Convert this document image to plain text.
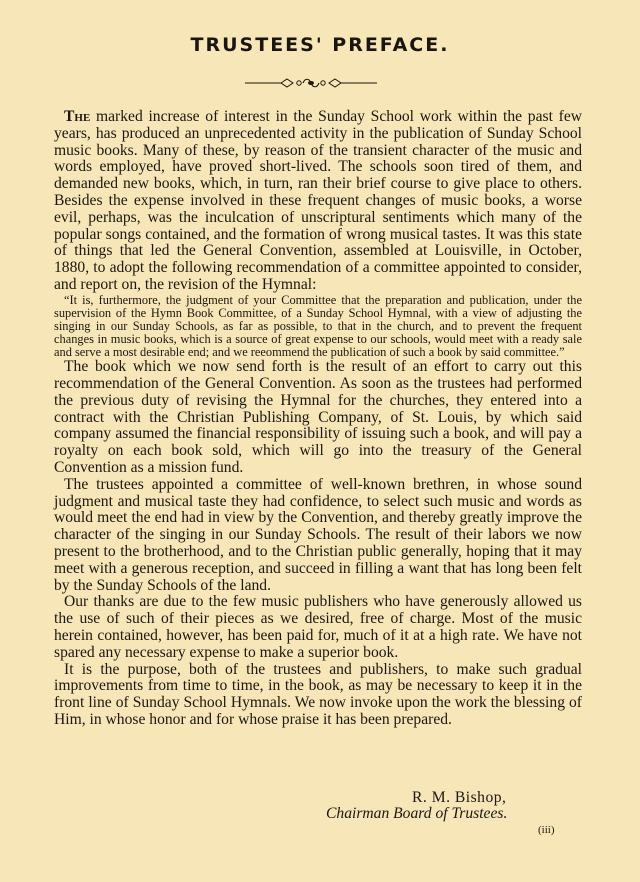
TRUSTEES' PREFACE.

The marked increase of interest in the Sunday School work within the past few years, has produced an unprecedented activity in the publication of Sunday School music books. Many of these, by reason of the transient character of the music and words employed, have proved short-lived. The schools soon tired of them, and demanded new books, which, in turn, ran their brief course to give place to others. Besides the expense involved in these frequent changes of music books, a worse evil, perhaps, was the inculcation of unscriptural sentiments which many of the popular songs contained, and the formation of wrong musical tastes. It was this state of things that led the General Convention, assembled at Louisville, in October, 1880, to adopt the following recommendation of a committee appointed to consider, and report on, the revision of the Hymnal:

“It is, furthermore, the judgment of your Committee that the preparation and publication, under the supervision of the Hymn Book Committee, of a Sunday School Hymnal, with a view of adjusting the singing in our Sunday Schools, as far as possible, to that in the church, and to prevent the frequent changes in music books, which is a source of great expense to our schools, would meet with a ready sale and serve a most desirable end; and we reeommend the publication of such a book by said committee.”

The book which we now send forth is the result of an effort to carry out this recommendation of the General Convention. As soon as the trustees had performed the previous duty of revising the Hymnal for the churches, they entered into a contract with the Christian Publishing Company, of St. Louis, by which said company assumed the financial responsibility of issuing such a book, and will pay a royalty on each book sold, which will go into the treasury of the General Convention as a mission fund.

The trustees appointed a committee of well-known brethren, in whose sound judgment and musical taste they had confidence, to select such music and words as would meet the end had in view by the Convention, and thereby greatly improve the character of the singing in our Sunday Schools. The result of their labors we now present to the brotherhood, and to the Christian public generally, hoping that it may meet with a generous reception, and succeed in filling a want that has long been felt by the Sunday Schools of the land.

Our thanks are due to the few music publishers who have generously allowed us the use of such of their pieces as we desired, free of charge. Most of the music herein contained, however, has been paid for, much of it at a high rate. We have not spared any necessary expense to make a superior book.

It is the purpose, both of the trustees and publishers, to make such gradual improvements from time to time, in the book, as may be necessary to keep it in the front line of Sunday School Hymnals. We now invoke upon the work the blessing of Him, in whose honor and for whose praise it has been prepared.

R. M. Bishop,
Chairman Board of Trustees.
(iii)
